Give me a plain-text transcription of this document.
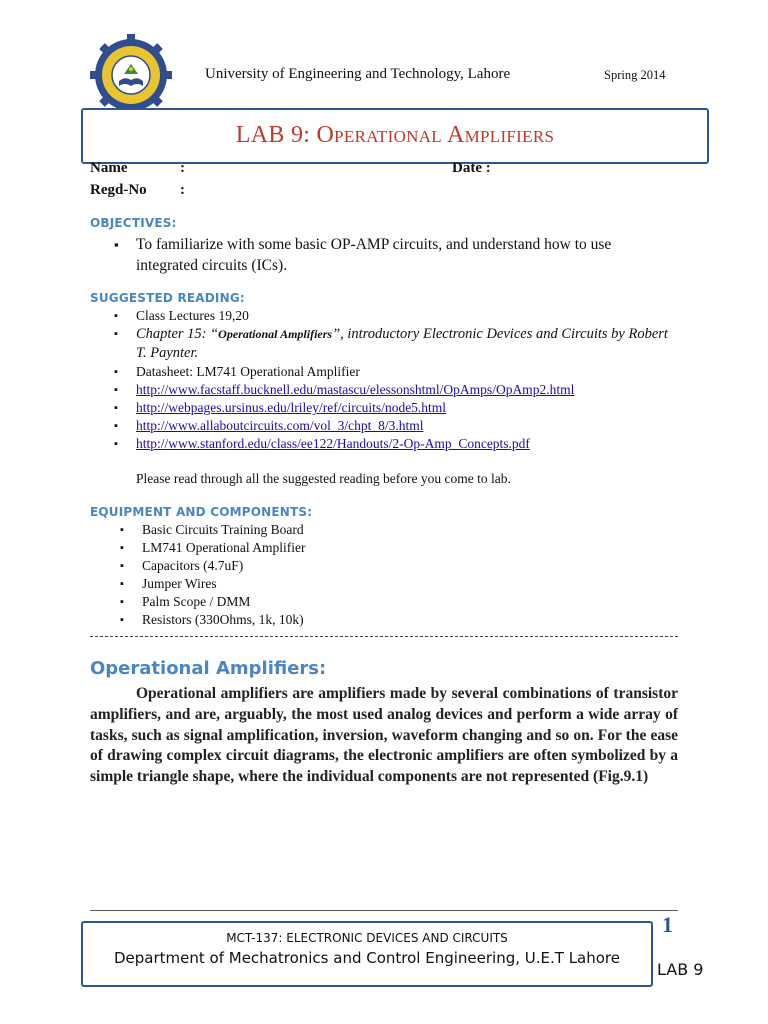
University of Engineering and Technology, Lahore	Spring 2014
LAB 9: Operational Amplifiers
Name	:	Date :
Regd-No :
OBJECTIVES:
▪ To familiarize with some basic OP-AMP circuits, and understand how to use integrated circuits (ICs).
SUGGESTED READING:
▪ Class Lectures 19,20
▪ Chapter 15: “Operational Amplifiers”, introductory Electronic Devices and Circuits by Robert T. Paynter.
▪ Datasheet: LM741 Operational Amplifier
▪ http://www.facstaff.bucknell.edu/mastascu/elessonshtml/OpAmps/OpAmp2.html
▪ http://webpages.ursinus.edu/lriley/ref/circuits/node5.html
▪ http://www.allaboutcircuits.com/vol_3/chpt_8/3.html
▪ http://www.stanford.edu/class/ee122/Handouts/2-Op-Amp_Concepts.pdf
Please read through all the suggested reading before you come to lab.
EQUIPMENT AND COMPONENTS:
▪ Basic Circuits Training Board
▪ LM741 Operational Amplifier
▪ Capacitors (4.7uF)
▪ Jumper Wires
▪ Palm Scope / DMM
▪ Resistors (330Ohms, 1k, 10k)
Operational Amplifiers:
Operational amplifiers are amplifiers made by several combinations of transistor amplifiers, and are, arguably, the most used analog devices and perform a wide array of tasks, such as signal amplification, inversion, waveform changing and so on. For the ease of drawing complex circuit diagrams, the electronic amplifiers are often symbolized by a simple triangle shape, where the individual components are not represented (Fig.9.1)
MCT-137: ELECTRONIC DEVICES AND CIRCUITS
Department of Mechatronics and Control Engineering, U.E.T Lahore
1
LAB 9
